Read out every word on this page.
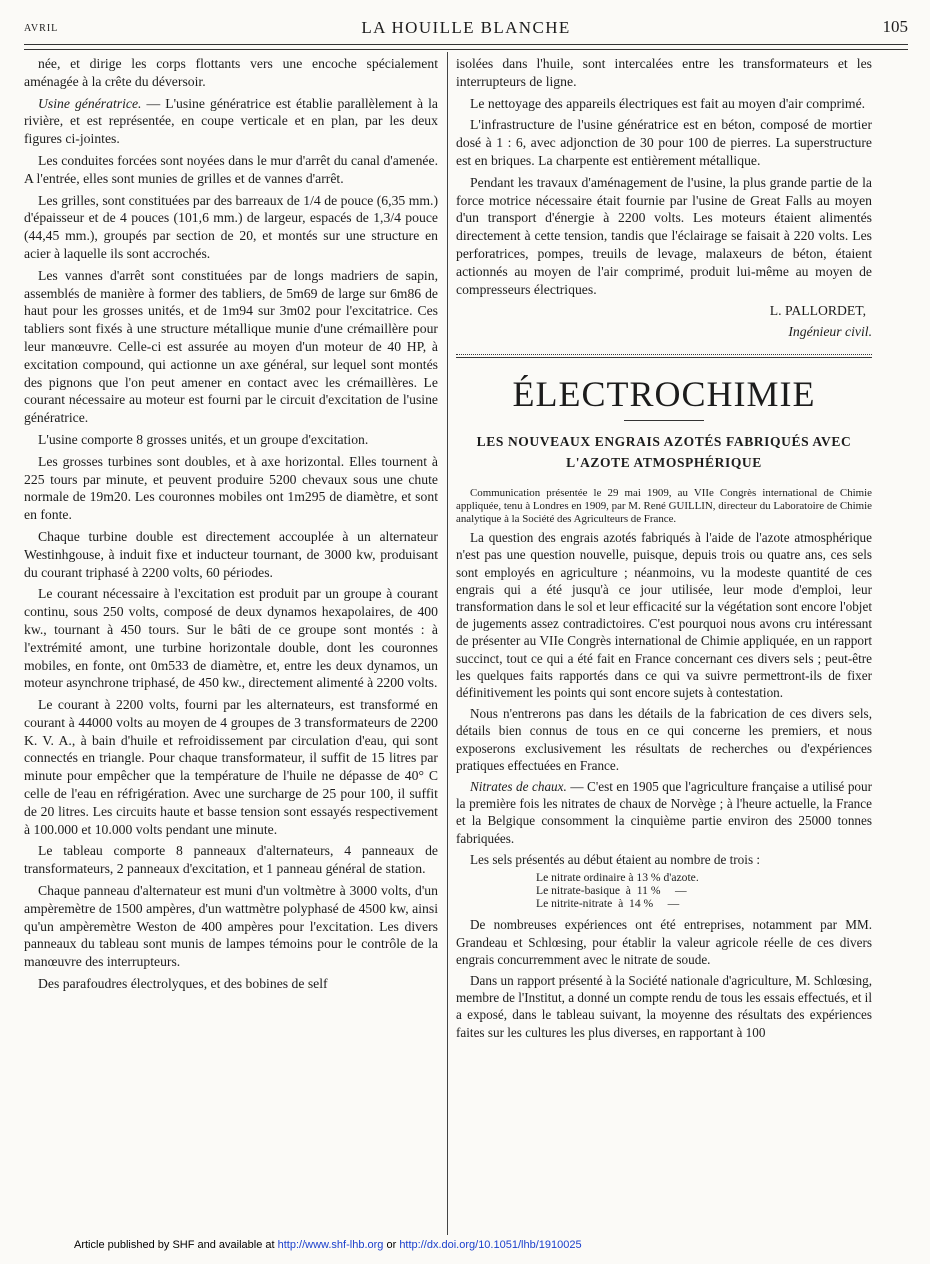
AVRIL	LA HOUILLE BLANCHE	105

née, et dirige les corps flottants vers une encoche spécialement aménagée à la crête du déversoir.

Usine génératrice. — L'usine génératrice est établie parallèlement à la rivière, et est représentée, en coupe verticale et en plan, par les deux figures ci-jointes.

Les conduites forcées sont noyées dans le mur d'arrêt du canal d'amenée. A l'entrée, elles sont munies de grilles et de vannes d'arrêt.

Les grilles, sont constituées par des barreaux de 1/4 de pouce (6,35 mm.) d'épaisseur et de 4 pouces (101,6 mm.) de largeur, espacés de 1,3/4 pouce (44,45 mm.), groupés par section de 20, et montés sur une structure en acier à laquelle ils sont accrochés.

Les vannes d'arrêt sont constituées par de longs madriers de sapin, assemblés de manière à former des tabliers, de 5m69 de large sur 6m86 de haut pour les grosses unités, et de 1m94 sur 3m02 pour l'excitatrice. Ces tabliers sont fixés à une structure métallique munie d'une crémaillère pour leur manœuvre. Celle-ci est assurée au moyen d'un moteur de 40 HP, à excitation compound, qui actionne un axe général, sur lequel sont montés des pignons que l'on peut amener en contact avec les crémaillères. Le courant nécessaire au moteur est fourni par le circuit d'excitation de l'usine génératrice.

L'usine comporte 8 grosses unités, et un groupe d'excitation.

Les grosses turbines sont doubles, et à axe horizontal. Elles tournent à 225 tours par minute, et peuvent produire 5200 chevaux sous une chute normale de 19m20. Les couronnes mobiles ont 1m295 de diamètre, et sont en fonte.

Chaque turbine double est directement accouplée à un alternateur Westinhgouse, à induit fixe et inducteur tournant, de 3000 kw, produisant du courant triphasé à 2200 volts, 60 périodes.

Le courant nécessaire à l'excitation est produit par un groupe à courant continu, sous 250 volts, composé de deux dynamos hexapolaires, de 400 kw., tournant à 450 tours. Sur le bâti de ce groupe sont montés : à l'extrémité amont, une turbine horizontale double, dont les couronnes mobiles, en fonte, ont 0m533 de diamètre, et, entre les deux dynamos, un moteur asynchrone triphasé, de 450 kw., directement alimenté à 2200 volts.

Le courant à 2200 volts, fourni par les alternateurs, est transformé en courant à 44000 volts au moyen de 4 groupes de 3 transformateurs de 2200 K. V. A., à bain d'huile et refroidissement par circulation d'eau, qui sont connectés en triangle. Pour chaque transformateur, il suffit de 15 litres par minute pour empêcher que la température de l'huile ne dépasse de 40° C celle de l'eau en réfrigération. Avec une surcharge de 25 pour 100, il suffit de 20 litres. Les circuits haute et basse tension sont essayés respectivement à 100.000 et 10.000 volts pendant une minute.

Le tableau comporte 8 panneaux d'alternateurs, 4 panneaux de transformateurs, 2 panneaux d'excitation, et 1 panneau général de station.

Chaque panneau d'alternateur est muni d'un voltmètre à 3000 volts, d'un ampèremètre de 1500 ampères, d'un wattmètre polyphasé de 4500 kw, ainsi qu'un ampèremètre Weston de 400 ampères pour l'excitation. Les divers panneaux du tableau sont munis de lampes témoins pour le contrôle de la manœuvre des interrupteurs.

Des parafoudres électrolyques, et des bobines de self

isolées dans l'huile, sont intercalées entre les transformateurs et les interrupteurs de ligne.

Le nettoyage des appareils électriques est fait au moyen d'air comprimé.

L'infrastructure de l'usine génératrice est en béton, composé de mortier dosé à 1 : 6, avec adjonction de 30 pour 100 de pierres. La superstructure est en briques. La charpente est entièrement métallique.

Pendant les travaux d'aménagement de l'usine, la plus grande partie de la force motrice nécessaire était fournie par l'usine de Great Falls au moyen d'un transport d'énergie à 2200 volts. Les moteurs étaient alimentés directement à cette tension, tandis que l'éclairage se faisait à 220 volts. Les perforatrices, pompes, treuils de levage, malaxeurs de béton, étaient actionnés au moyen de l'air comprimé, produit lui-même au moyen de compresseurs électriques.

L. PALLORDET,

Ingénieur civil.

ÉLECTROCHIMIE
LES NOUVEAUX ENGRAIS AZOTÉS FABRIQUÉS AVEC
L'AZOTE ATMOSPHÉRIQUE

Communication présentée le 29 mai 1909, au VIIe Congrès international de Chimie appliquée, tenu à Londres en 1909, par M. René GUILLIN, directeur du Laboratoire de Chimie analytique à la Société des Agriculteurs de France.

La question des engrais azotés fabriqués à l'aide de l'azote atmosphérique n'est pas une question nouvelle, puisque, depuis trois ou quatre ans, ces sels sont employés en agriculture ; néanmoins, vu la modeste quantité de ces engrais qui a été jusqu'à ce jour utilisée, leur mode d'emploi, leur transformation dans le sol et leur efficacité sur la végétation sont encore l'objet de jugements assez contradictoires. C'est pourquoi nous avons cru intéressant de présenter au VIIe Congrès international de Chimie appliquée, en un rapport succinct, tout ce qui a été fait en France concernant ces divers sels ; peut-être les quelques faits rapportés dans ce qui va suivre permettront-ils de fixer définitivement les points qui sont encore sujets à contestation.

Nous n'entrerons pas dans les détails de la fabrication de ces divers sels, détails bien connus de tous en ce qui concerne les premiers, et nous exposerons exclusivement les résultats de recherches ou d'expériences pratiques effectuées en France.

Nitrates de chaux. — C'est en 1905 que l'agriculture française a utilisé pour la première fois les nitrates de chaux de Norvège ; à l'heure actuelle, la France et la Belgique consomment la cinquième partie environ des 25000 tonnes fabriquées.

Les sels présentés au début étaient au nombre de trois :

Le nitrate ordinaire à 13 % d'azote.
Le nitrate-basique  à  11 %     —
Le nitrite-nitrate  à  14 %     —

De nombreuses expériences ont été entreprises, notamment par MM. Grandeau et Schlœsing, pour établir la valeur agricole réelle de ces divers engrais concurremment avec le nitrate de soude.

Dans un rapport présenté à la Société nationale d'agriculture, M. Schlœsing, membre de l'Institut, a donné un compte rendu de tous les essais effectués, et il a exposé, dans le tableau suivant, la moyenne des résultats des expériences faites sur les cultures les plus diverses, en rapportant à 100

Article published by SHF and available at http://www.shf-lhb.org or http://dx.doi.org/10.1051/lhb/1910025
